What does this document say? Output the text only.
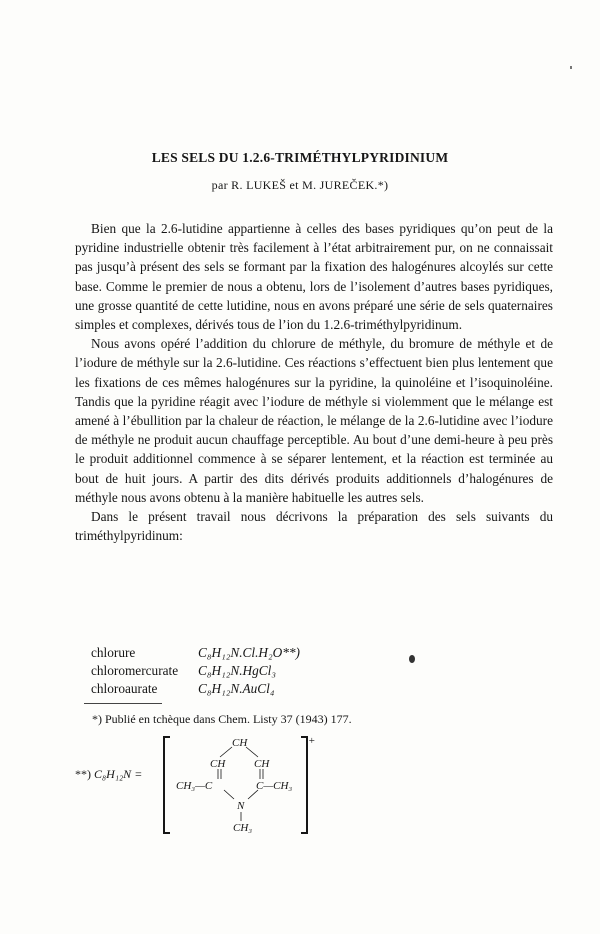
LES SELS DU 1.2.6-TRIMÉTHYLPYRIDINIUM
par R. LUKEŠ et M. JUREČEK.*)

Bien que la 2.6-lutidine appartienne à celles des bases pyridiques qu’on peut de la pyridine industrielle obtenir très facilement à l’état arbitrairement pur, on ne connaissait pas jusqu’à présent des sels se formant par la fixation des halogénures alcoylés sur cette base. Comme le premier de nous a obtenu, lors de l’isolement d’autres bases pyridiques, une grosse quantité de cette lutidine, nous en avons préparé une série de sels quaternaires simples et complexes, dérivés tous de l’ion du 1.2.6-triméthylpyridinum.

Nous avons opéré l’addition du chlorure de méthyle, du bromure de méthyle et de l’iodure de méthyle sur la 2.6-lutidine. Ces réactions s’effectuent bien plus lentement que les fixations de ces mêmes halogénures sur la pyridine, la quinoléine et l’isoquinoléine. Tandis que la pyridine réagit avec l’iodure de méthyle si violemment que le mélange est amené à l’ébullition par la chaleur de réaction, le mélange de la 2.6-lutidine avec l’iodure de méthyle ne produit aucun chauffage perceptible. Au bout d’une demi-heure à peu près le produit additionnel commence à se séparer lentement, et la réaction est terminée au bout de huit jours. A partir des dits dérivés produits additionnels d’halogénures de méthyle nous avons obtenu à la manière habituelle les autres sels.

Dans le présent travail nous décrivons la préparation des sels suivants du triméthylpyridinum:

chlorure	C₈H₁₂N.Cl.H₂O**)
chloromercurate	C₈H₁₂N.HgCl₃
chloroaurate	C₈H₁₂N.AuCl₄
*) Publié en tchèque dans Chem. Listy 37 (1943) 177.
**) C₈H₁₂N =
CH
CH	CH
CH₃—C	C—CH₃
N
CH₃
+
